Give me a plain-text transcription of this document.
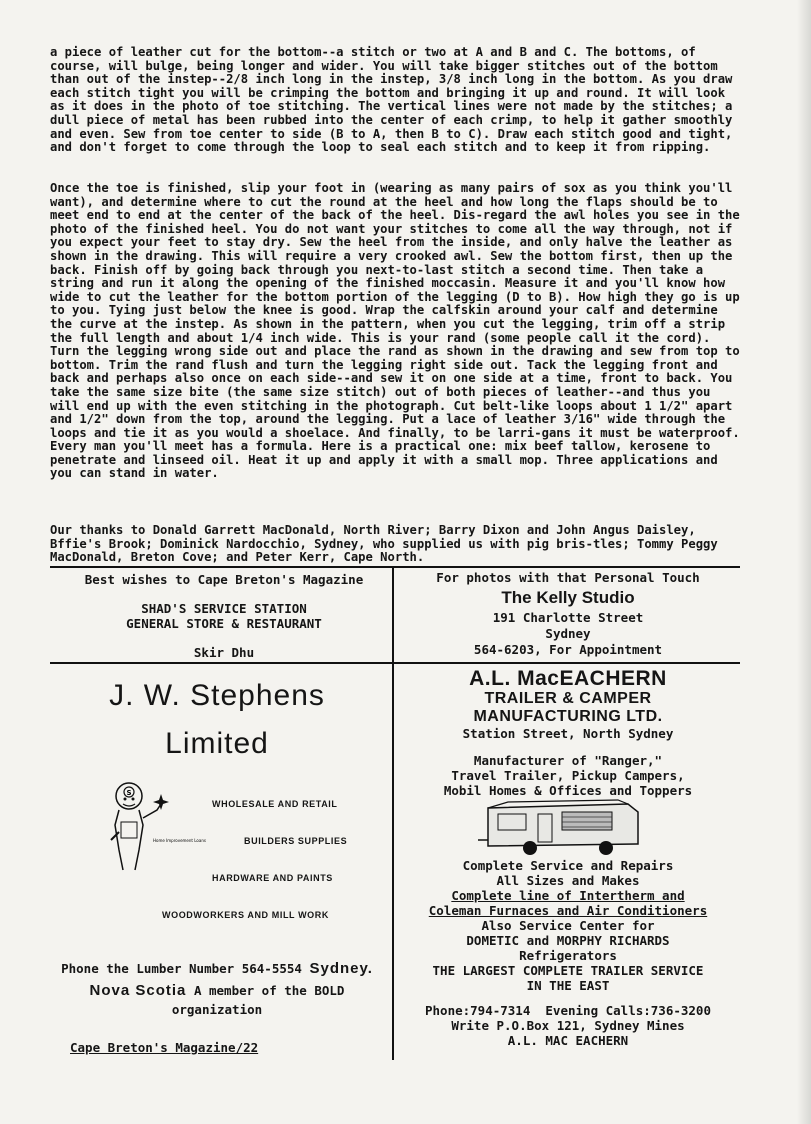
a piece of leather cut for the bottom--a stitch or two at A and B and C. The bottoms, of course, will bulge, being longer and wider. You will take bigger stitches out of the bottom than out of the instep--2/8 inch long in the instep, 3/8 inch long in the bottom. As you draw each stitch tight you will be crimping the bottom and bringing it up and round. It will look as it does in the photo of toe stitching. The vertical lines were not made by the stitches; a dull piece of metal has been rubbed into the center of each crimp, to help it gather smoothly and even. Sew from toe center to side (B to A, then B to C). Draw each stitch good and tight, and don't forget to come through the loop to seal each stitch and to keep it from ripping.

Once the toe is finished, slip your foot in (wearing as many pairs of sox as you think you'll want), and determine where to cut the round at the heel and how long the flaps should be to meet end to end at the center of the back of the heel. Dis-regard the awl holes you see in the photo of the finished heel. You do not want your stitches to come all the way through, not if you expect your feet to stay dry. Sew the heel from the inside, and only halve the leather as shown in the drawing. This will require a very crooked awl. Sew the bottom first, then up the back. Finish off by going back through you next-to-last stitch a second time. Then take a string and run it along the opening of the finished moccasin. Measure it and you'll know how wide to cut the leather for the bottom portion of the legging (D to B). How high they go is up to you. Tying just below the knee is good. Wrap the calfskin around your calf and determine the curve at the instep. As shown in the pattern, when you cut the legging, trim off a strip the full length and about 1/4 inch wide. This is your rand (some people call it the cord). Turn the legging wrong side out and place the rand as shown in the drawing and sew from top to bottom. Trim the rand flush and turn the legging right side out. Tack the legging front and back and perhaps also once on each side--and sew it on one side at a time, front to back. You take the same size bite (the same size stitch) out of both pieces of leather--and thus you will end up with the even stitching in the photograph. Cut belt-like loops about 1 1/2" apart and 1/2" down from the top, around the legging. Put a lace of leather 3/16" wide through the loops and tie it as you would a shoelace. And finally, to be larri-gans it must be waterproof. Every man you'll meet has a formula. Here is a practical one: mix beef tallow, kerosene to penetrate and linseed oil. Heat it up and apply it with a small mop. Three applications and you can stand in water.

Our thanks to Donald Garrett MacDonald, North River; Barry Dixon and John Angus Daisley, Bffie's Brook; Dominick Nardocchio, Sydney, who supplied us with pig bris-tles; Tommy Peggy MacDonald, Breton Cove; and Peter Kerr, Cape North.

Best wishes to Cape Breton's Magazine
SHAD'S SERVICE STATION
GENERAL STORE & RESTAURANT
Skir Dhu
For photos with that Personal Touch
The Kelly Studio
191 Charlotte Street
Sydney
564-6203, For Appointment
J. W. Stephens
Limited
S
Home Improvement Loans
WHOLESALE AND RETAIL
BUILDERS SUPPLIES
HARDWARE AND PAINTS
WOODWORKERS AND MILL WORK
Phone the Lumber Number 564-5554 Sydney. Nova Scotia A member of the BOLD organization
A.L. MacEACHERN
TRAILER & CAMPER
MANUFACTURING LTD.
Station Street, North Sydney
Manufacturer of "Ranger,"
Travel Trailer, Pickup Campers,
Mobil Homes & Offices and Toppers
Complete Service and Repairs
All Sizes and Makes
Complete line of Intertherm and
Coleman Furnaces and Air Conditioners
Also Service Center for
DOMETIC and MORPHY RICHARDS
Refrigerators
THE LARGEST COMPLETE TRAILER SERVICE
IN THE EAST
Phone:794-7314  Evening Calls:736-3200
Write P.O.Box 121, Sydney Mines
A.L. MAC EACHERN
Cape Breton's Magazine/22
